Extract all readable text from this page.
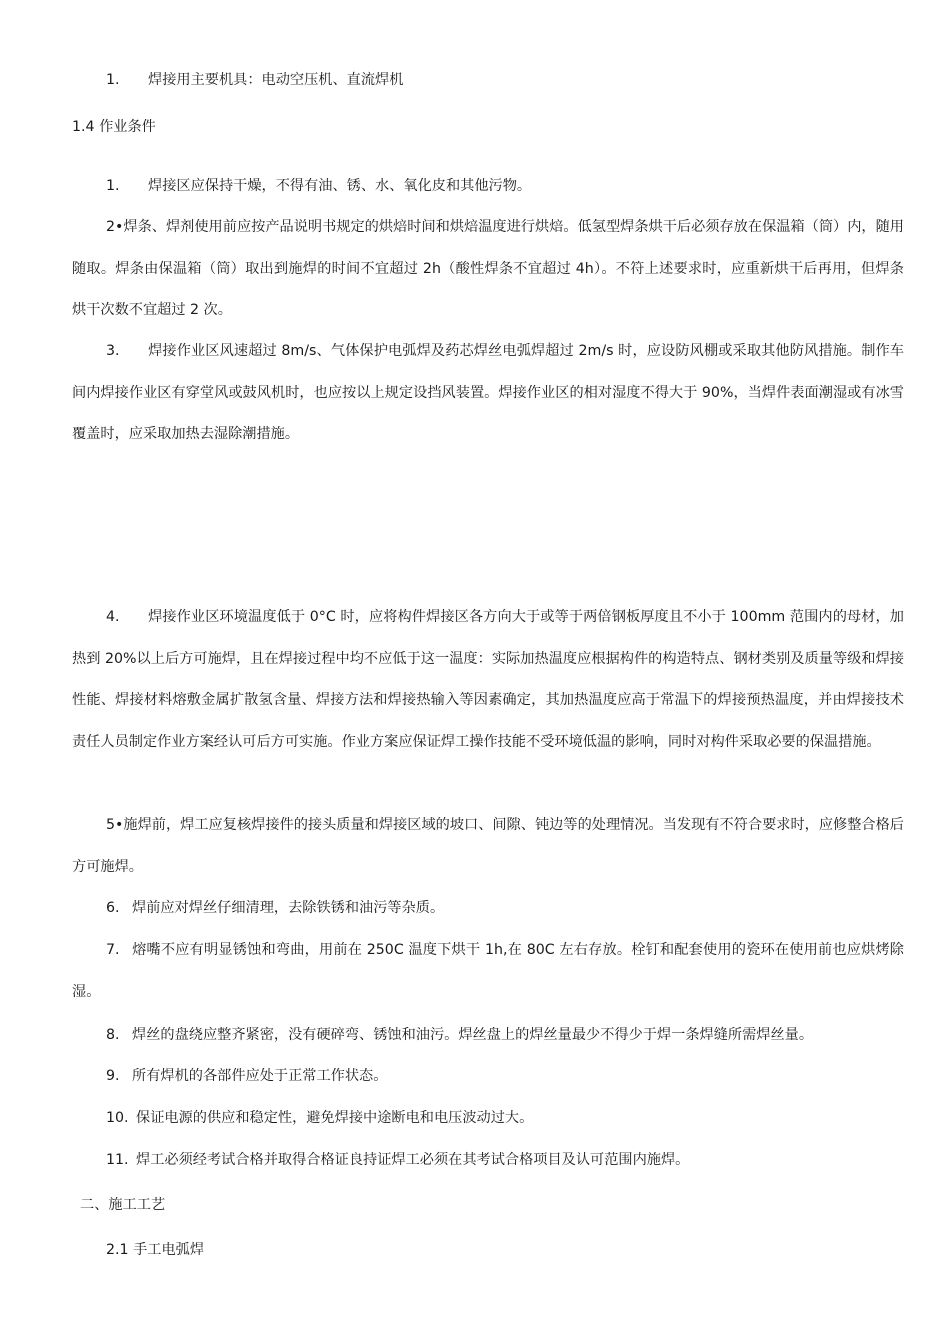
1. 焊接用主要机具：电动空压机、直流焊机

1.4 作业条件

1. 焊接区应保持干燥，不得有油、锈、水、氧化皮和其他污物。

2•焊条、焊剂使用前应按产品说明书规定的烘焙时间和烘焙温度进行烘焙。低氢型焊条烘干后必须存放在保温箱（筒）内，随用随取。焊条由保温箱（筒）取出到施焊的时间不宜超过 2h（酸性焊条不宜超过 4h）。不符上述要求时，应重新烘干后再用，但焊条烘干次数不宜超过 2 次。

3. 焊接作业区风速超过 8m/s、气体保护电弧焊及药芯焊丝电弧焊超过 2m/s 时，应设防风棚或采取其他防风措施。制作车间内焊接作业区有穿堂风或鼓风机时，也应按以上规定设挡风装置。焊接作业区的相对湿度不得大于 90%，当焊件表面潮湿或有冰雪覆盖时，应采取加热去湿除潮措施。

4. 焊接作业区环境温度低于 0°C 时，应将构件焊接区各方向大于或等于两倍钢板厚度且不小于 100mm 范围内的母材，加热到 20%以上后方可施焊，且在焊接过程中均不应低于这一温度：实际加热温度应根据构件的构造特点、钢材类别及质量等级和焊接性能、焊接材料熔敷金属扩散氢含量、焊接方法和焊接热输入等因素确定，其加热温度应高于常温下的焊接预热温度，并由焊接技术责任人员制定作业方案经认可后方可实施。作业方案应保证焊工操作技能不受环境低温的影响，同时对构件采取必要的保温措施。

5•施焊前，焊工应复核焊接件的接头质量和焊接区域的坡口、间隙、钝边等的处理情况。当发现有不符合要求时，应修整合格后方可施焊。

6. 焊前应对焊丝仔细清理，去除铁锈和油污等杂质。

7. 熔嘴不应有明显锈蚀和弯曲，用前在 250C 温度下烘干 1h,在 80C 左右存放。栓钉和配套使用的瓷环在使用前也应烘烤除湿。

8. 焊丝的盘绕应整齐紧密，没有硬碎弯、锈蚀和油污。焊丝盘上的焊丝量最少不得少于焊一条焊缝所需焊丝量。

9. 所有焊机的各部件应处于正常工作状态。

10. 保证电源的供应和稳定性，避免焊接中途断电和电压波动过大。

11. 焊工必须经考试合格并取得合格证良持证焊工必须在其考试合格项目及认可范围内施焊。

二、施工工艺

2.1 手工电弧焊
